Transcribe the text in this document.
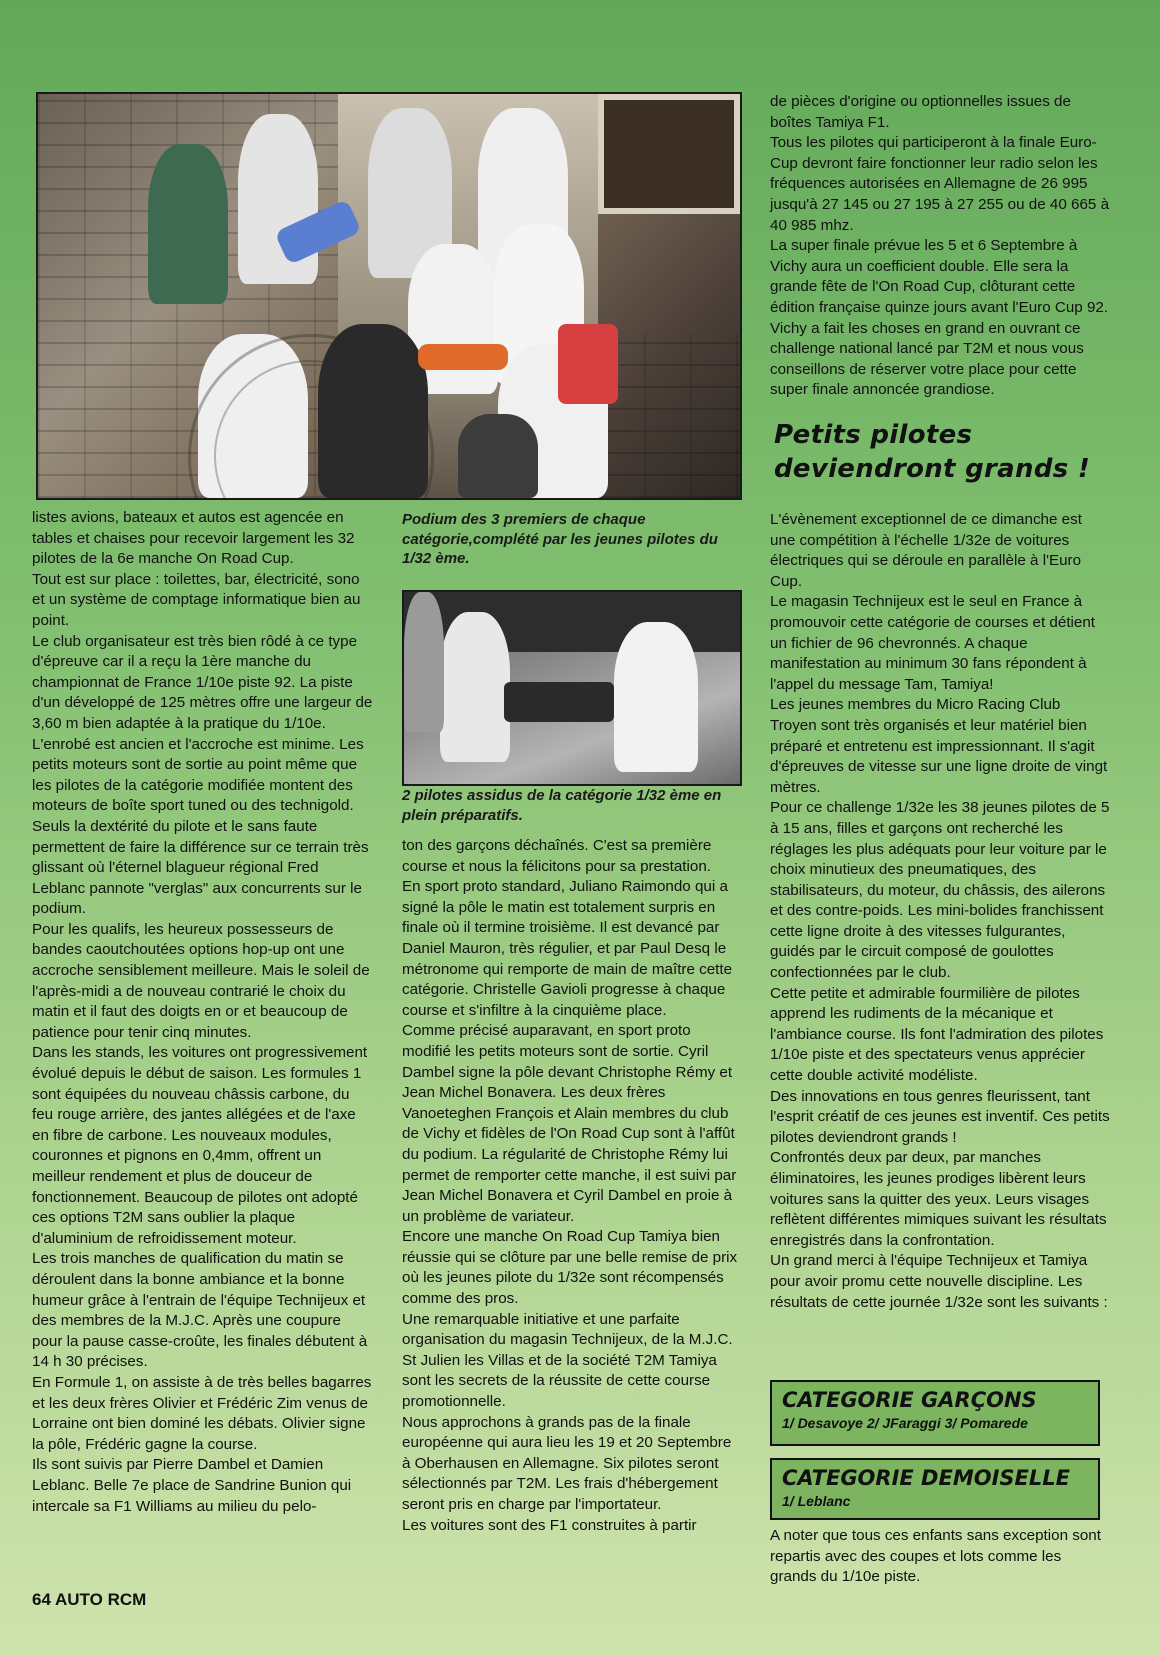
Podium des 3 premiers de chaque catégorie,complété par les jeunes pilotes du 1/32 ème.
2 pilotes assidus de la catégorie 1/32 ème en plein préparatifs.

listes avions, bateaux et autos est agencée en tables et chaises pour recevoir largement les 32 pilotes de la 6e manche On Road Cup.

Tout est sur place : toilettes, bar, électricité, sono et un système de comptage informatique bien au point.

Le club organisateur est très bien rôdé à ce type d'épreuve car il a reçu la 1ère manche du championnat de France 1/10e piste 92. La piste d'un développé de 125 mètres offre une largeur de 3,60 m bien adaptée à la pratique du 1/10e. L'enrobé est ancien et l'accroche est minime. Les petits moteurs sont de sortie au point même que les pilotes de la catégorie modifiée montent des moteurs de boîte sport tuned ou des technigold.

Seuls la dextérité du pilote et le sans faute permettent de faire la différence sur ce terrain très glissant où l'éternel blagueur régional Fred Leblanc pannote "verglas" aux concurrents sur le podium.

Pour les qualifs, les heureux possesseurs de bandes caoutchoutées options hop-up ont une accroche sensiblement meilleure. Mais le soleil de l'après-midi a de nouveau contrarié le choix du matin et il faut des doigts en or et beaucoup de patience pour tenir cinq minutes.

Dans les stands, les voitures ont progressivement évolué depuis le début de saison. Les formules 1 sont équipées du nouveau châssis carbone, du feu rouge arrière, des jantes allégées et de l'axe en fibre de carbone. Les nouveaux modules, couronnes et pignons en 0,4mm, offrent un meilleur rendement et plus de douceur de fonctionnement. Beaucoup de pilotes ont adopté ces options T2M sans oublier la plaque d'aluminium de refroidissement moteur.

Les trois manches de qualification du matin se déroulent dans la bonne ambiance et la bonne humeur grâce à l'entrain de l'équipe Technijeux et des membres de la M.J.C. Après une coupure pour la pause casse-croûte, les finales débutent à 14 h 30 précises.

En Formule 1, on assiste à de très belles bagarres et les deux frères Olivier et Frédéric Zim venus de Lorraine ont bien dominé les débats. Olivier signe la pôle, Frédéric gagne la course.

Ils sont suivis par Pierre Dambel et Damien Leblanc. Belle 7e place de Sandrine Bunion qui intercale sa F1 Williams au milieu du pelo-

ton des garçons déchaînés. C'est sa première course et nous la félicitons pour sa prestation.

En sport proto standard, Juliano Raimondo qui a signé la pôle le matin est totalement surpris en finale où il termine troisième. Il est devancé par Daniel Mauron, très régulier, et par Paul Desq le métronome qui remporte de main de maître cette catégorie. Christelle Gavioli progresse à chaque course et s'infiltre à la cinquième place.

Comme précisé auparavant, en sport proto modifié les petits moteurs sont de sortie. Cyril Dambel signe la pôle devant Christophe Rémy et Jean Michel Bonavera. Les deux frères Vanoeteghen François et Alain membres du club de Vichy et fidèles de l'On Road Cup sont à l'affût du podium. La régularité de Christophe Rémy lui permet de remporter cette manche, il est suivi par Jean Michel Bonavera et Cyril Dambel en proie à un problème de variateur.

Encore une manche On Road Cup Tamiya bien réussie qui se clôture par une belle remise de prix où les jeunes pilote du 1/32e sont récompensés comme des pros.

Une remarquable initiative et une parfaite organisation du magasin Technijeux, de la M.J.C. St Julien les Villas et de la société T2M Tamiya sont les secrets de la réussite de cette course promotionnelle.

Nous approchons à grands pas de la finale européenne qui aura lieu les 19 et 20 Septembre à Oberhausen en Allemagne. Six pilotes seront sélectionnés par T2M. Les frais d'hébergement seront pris en charge par l'importateur.

Les voitures sont des F1 construites à partir

de pièces d'origine ou optionnelles issues de boîtes Tamiya F1.

Tous les pilotes qui participeront à la finale Euro-Cup devront faire fonctionner leur radio selon les fréquences autorisées en Allemagne de 26 995 jusqu'à 27 145 ou 27 195 à 27 255 ou de 40 665 à 40 985 mhz.

La super finale prévue les 5 et 6 Septembre à Vichy aura un coefficient double. Elle sera la grande fête de l'On Road Cup, clôturant cette édition française quinze jours avant l'Euro Cup 92. Vichy a fait les choses en grand en ouvrant ce challenge national lancé par T2M et nous vous conseillons de réserver votre place pour cette super finale annoncée grandiose.

Petits pilotes deviendront grands !

L'évènement exceptionnel de ce dimanche est une compétition à l'échelle 1/32e de voitures électriques qui se déroule en parallèle à l'Euro Cup.

Le magasin Technijeux est le seul en France à promouvoir cette catégorie de courses et détient un fichier de 96 chevronnés. A chaque manifestation au minimum 30 fans répondent à l'appel du message Tam, Tamiya!

Les jeunes membres du Micro Racing Club Troyen sont très organisés et leur matériel bien préparé et entretenu est impressionnant. Il s'agit d'épreuves de vitesse sur une ligne droite de vingt mètres.

Pour ce challenge 1/32e les 38 jeunes pilotes de 5 à 15 ans, filles et garçons ont recherché les réglages les plus adéquats pour leur voiture par le choix minutieux des pneumatiques, des stabilisateurs, du moteur, du châssis, des ailerons et des contre-poids. Les mini-bolides franchissent cette ligne droite à des vitesses fulgurantes, guidés par le circuit composé de goulottes confectionnées par le club.

Cette petite et admirable fourmilière de pilotes apprend les rudiments de la mécanique et l'ambiance course. Ils font l'admiration des pilotes 1/10e piste et des spectateurs venus apprécier cette double activité modéliste.

Des innovations en tous genres fleurissent, tant l'esprit créatif de ces jeunes est inventif. Ces petits pilotes deviendront grands !

Confrontés deux par deux, par manches éliminatoires, les jeunes prodiges libèrent leurs voitures sans la quitter des yeux. Leurs visages reflètent différentes mimiques suivant les résultats enregistrés dans la confrontation.

Un grand merci à l'équipe Technijeux et Tamiya pour avoir promu cette nouvelle discipline. Les résultats de cette journée 1/32e sont les suivants :

CATEGORIE GARÇONS
1/ Desavoye 2/ JFaraggi 3/ Pomarede
CATEGORIE DEMOISELLE
1/ Leblanc

A noter que tous ces enfants sans exception sont repartis avec des coupes et lots comme les grands du 1/10e piste.

64 AUTO RCM
